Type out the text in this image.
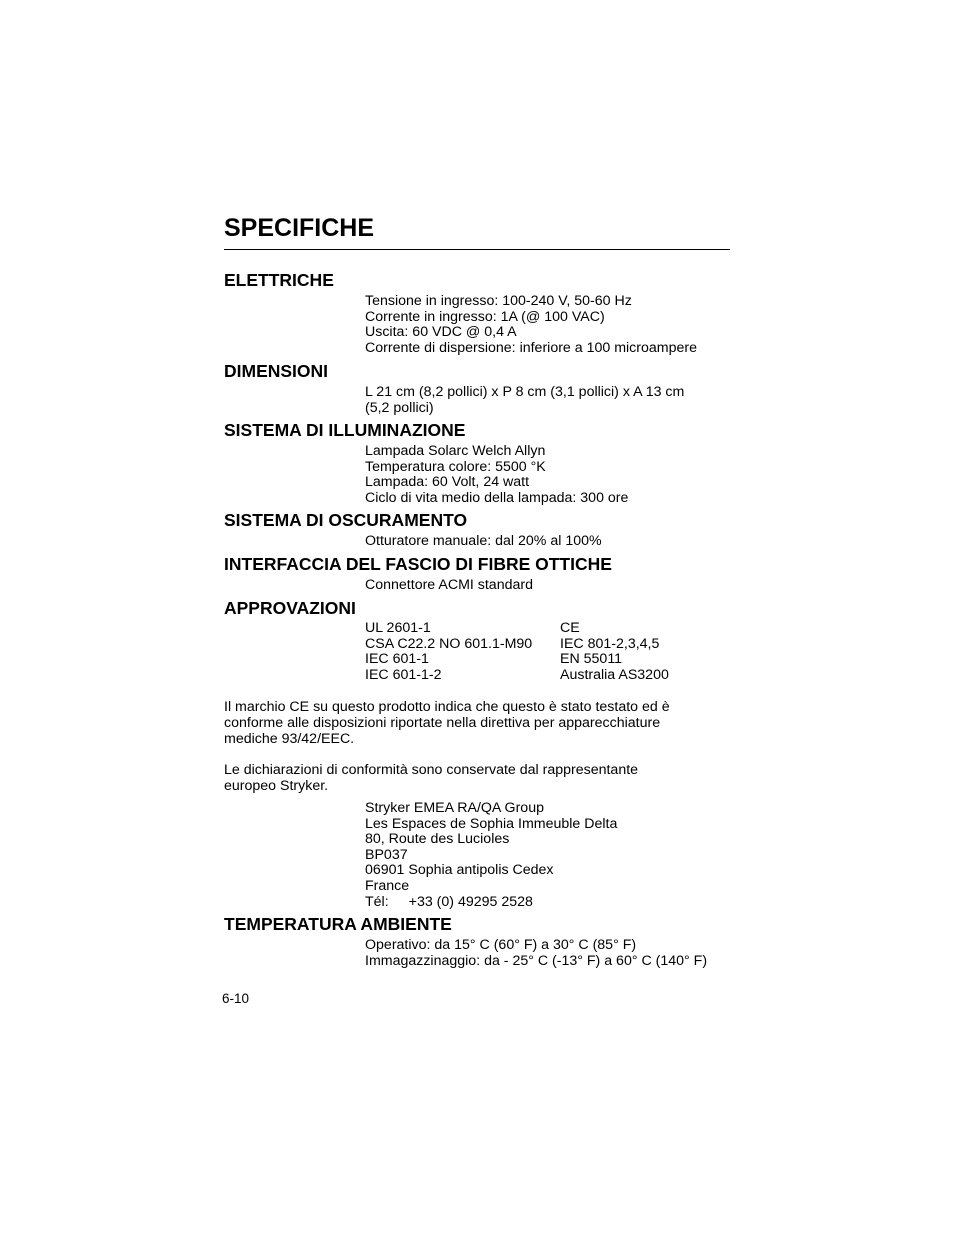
SPECIFICHE
ELETTRICHE
Tensione in ingresso: 100-240 V, 50-60 Hz
Corrente in ingresso: 1A (@ 100 VAC)
Uscita: 60 VDC @ 0,4 A
Corrente di dispersione: inferiore a 100 microampere
DIMENSIONI
L 21 cm (8,2 pollici) x P 8 cm (3,1 pollici) x A 13 cm
(5,2 pollici)
SISTEMA DI ILLUMINAZIONE
Lampada Solarc Welch Allyn
Temperatura colore: 5500 °K
Lampada: 60 Volt, 24 watt
Ciclo di vita medio della lampada: 300 ore
SISTEMA DI OSCURAMENTO
Otturatore manuale: dal 20% al 100%
INTERFACCIA DEL FASCIO DI FIBRE OTTICHE
Connettore ACMI standard
APPROVAZIONI
UL 2601-1
CSA C22.2 NO 601.1-M90
IEC 601-1
IEC 601-1-2
CE
IEC 801-2,3,4,5
EN 55011
Australia AS3200
Il marchio CE su questo prodotto indica che questo è stato testato ed è
conforme alle disposizioni riportate nella direttiva per apparecchiature
mediche 93/42/EEC.
Le dichiarazioni di conformità sono conservate dal rappresentante
europeo Stryker.
Stryker EMEA RA/QA Group
Les Espaces de Sophia Immeuble Delta
80, Route des Lucioles
BP037
06901 Sophia antipolis Cedex
France
Tél: +33 (0) 49295 2528
TEMPERATURA AMBIENTE
Operativo: da 15° C (60° F) a 30° C (85° F)
Immagazzinaggio: da - 25° C (-13° F) a 60° C (140° F)
6-10
